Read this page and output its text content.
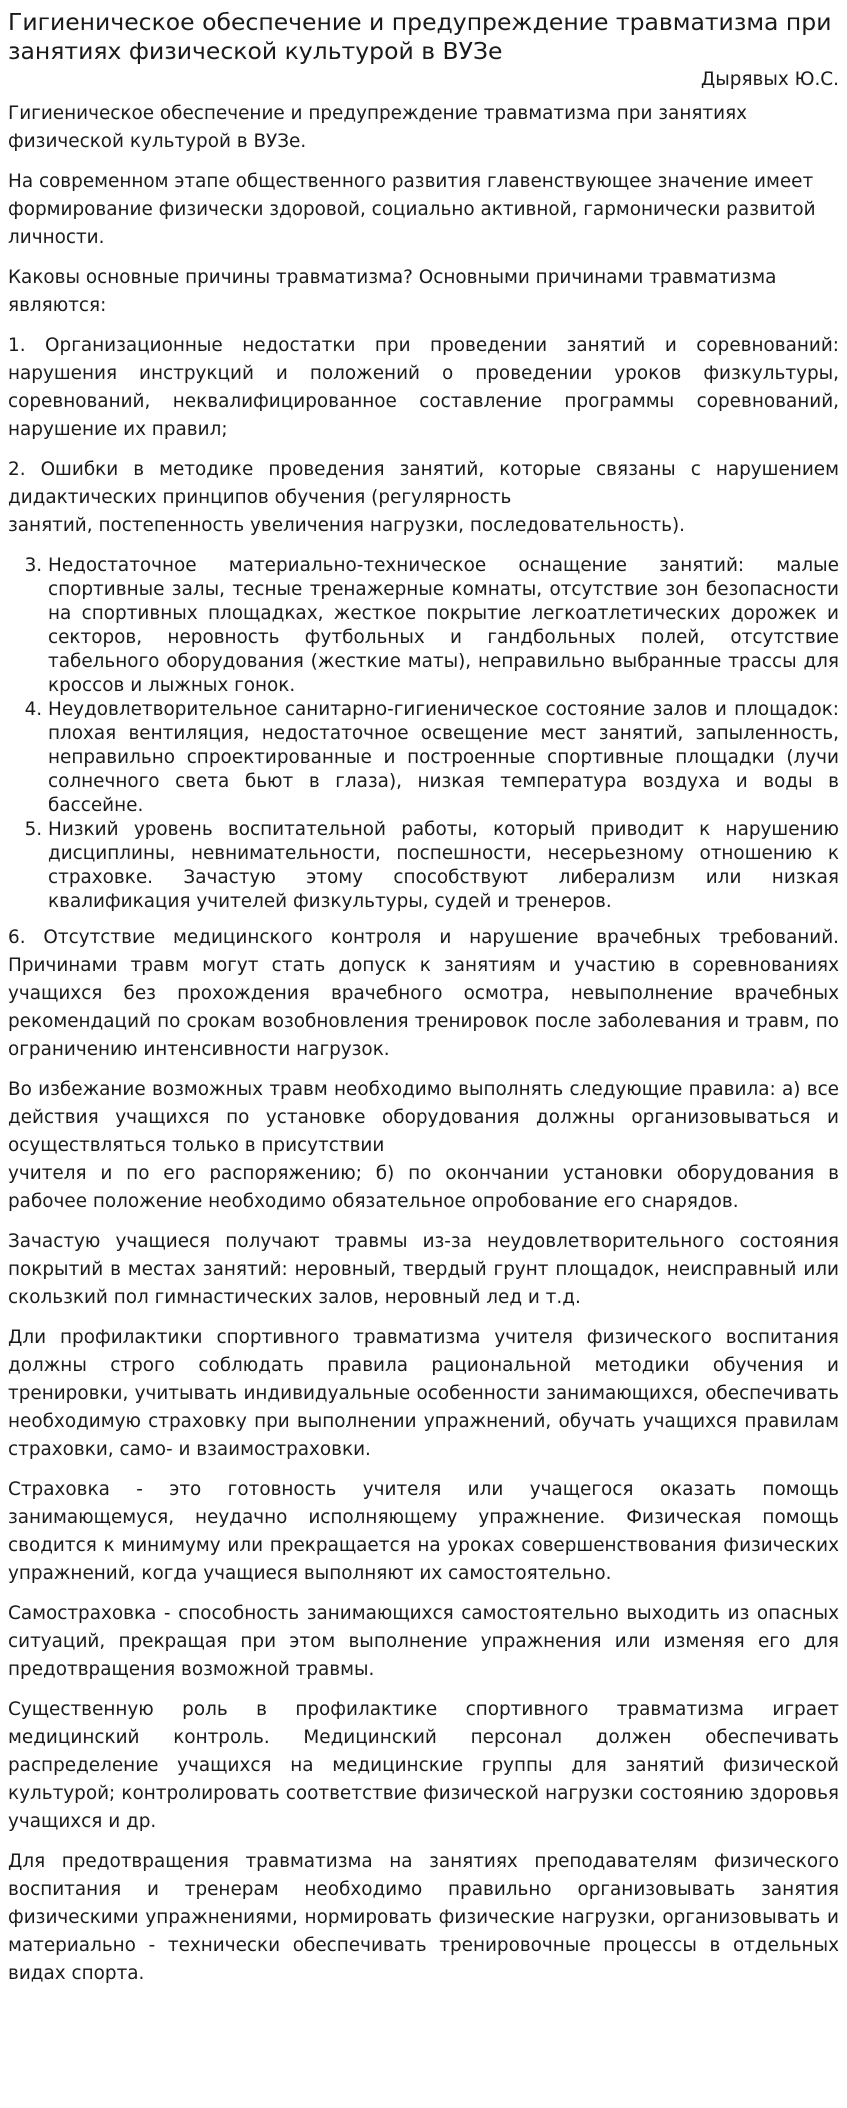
Гигиеническое обеспечение и предупреждение травматизма при занятиях физической культурой в ВУЗе
Дырявых Ю.С.

Гигиеническое обеспечение и предупреждение травматизма при занятиях физической культурой в ВУЗе.

На современном этапе общественного развития главенствующее значение имеет формирование физически здоровой, социально активной, гармонически развитой личности.

Каковы основные причины травматизма? Основными причинами травматизма являются:

1. Организационные недостатки при проведении занятий и соревнований: нарушения инструкций и положений о проведении уроков физкультуры, соревнований, неквалифицированное составление программы соревнований, нарушение их правил;

2. Ошибки в методике проведения занятий, которые связаны с нарушением дидактических принципов обучения (регулярность

занятий, постепенность увеличения нагрузки, последовательность).

3. Недостаточное материально-техническое оснащение занятий: малые спортивные залы, тесные тренажерные комнаты, отсутствие зон безопасности на спортивных площадках, жесткое покрытие легкоатлетических дорожек и секторов, неровность футбольных и гандбольных полей, отсутствие табельного оборудования (жесткие маты), неправильно выбранные трассы для кроссов и лыжных гонок.
4. Неудовлетворительное санитарно-гигиеническое состояние залов и площадок: плохая вентиляция, недостаточное освещение мест занятий, запыленность, неправильно спроектированные и построенные спортивные площадки (лучи солнечного света бьют в глаза), низкая температура воздуха и воды в бассейне.
5. Низкий уровень воспитательной работы, который приводит к нарушению дисциплины, невнимательности, поспешности, несерьезному отношению к страховке. Зачастую этому способствуют либерализм или низкая квалификация учителей физкультуры, судей и тренеров.

6. Отсутствие медицинского контроля и нарушение врачебных требований. Причинами травм могут стать допуск к занятиям и участию в соревнованиях учащихся без прохождения врачебного осмотра, невыполнение врачебных рекомендаций по срокам возобновления тренировок после заболевания и травм, по ограничению интенсивности нагрузок.

Во избежание возможных травм необходимо выполнять следующие правила: а) все действия учащихся по установке оборудования должны организовываться и осуществляться только в присутствии

учителя и по его распоряжению; б) по окончании установки оборудования в рабочее положение необходимо обязательное опробование его снарядов.

Зачастую учащиеся получают травмы из-за неудовлетворительного состояния покрытий в местах занятий: неровный, твердый грунт площадок, неисправный или скользкий пол гимнастических залов, неровный лед и т.д.

Дли профилактики спортивного травматизма учителя физического воспитания должны строго соблюдать правила рациональной методики обучения и тренировки, учитывать индивидуальные особенности занимающихся, обеспечивать необходимую страховку при выполнении упражнений, обучать учащихся правилам страховки, само- и взаимостраховки.

Страховка - это готовность учителя или учащегося оказать помощь занимающемуся, неудачно исполняющему упражнение. Физическая помощь сводится к минимуму или прекращается на уроках совершенствования физических упражнений, когда учащиеся выполняют их самостоятельно.

Самостраховка - способность занимающихся самостоятельно выходить из опасных ситуаций, прекращая при этом выполнение упражнения или изменяя его для предотвращения возможной травмы.

Существенную роль в профилактике спортивного травматизма играет медицинский контроль. Медицинский персонал должен обеспечивать распределение учащихся на медицинские группы для занятий физической культурой; контролировать соответствие физической нагрузки состоянию здоровья учащихся и др.

Для предотвращения травматизма на занятиях преподавателям физического воспитания и тренерам необходимо правильно организовывать занятия физическими упражнениями, нормировать физические нагрузки, организовывать и материально - технически обеспечивать тренировочные процессы в отдельных видах спорта.
